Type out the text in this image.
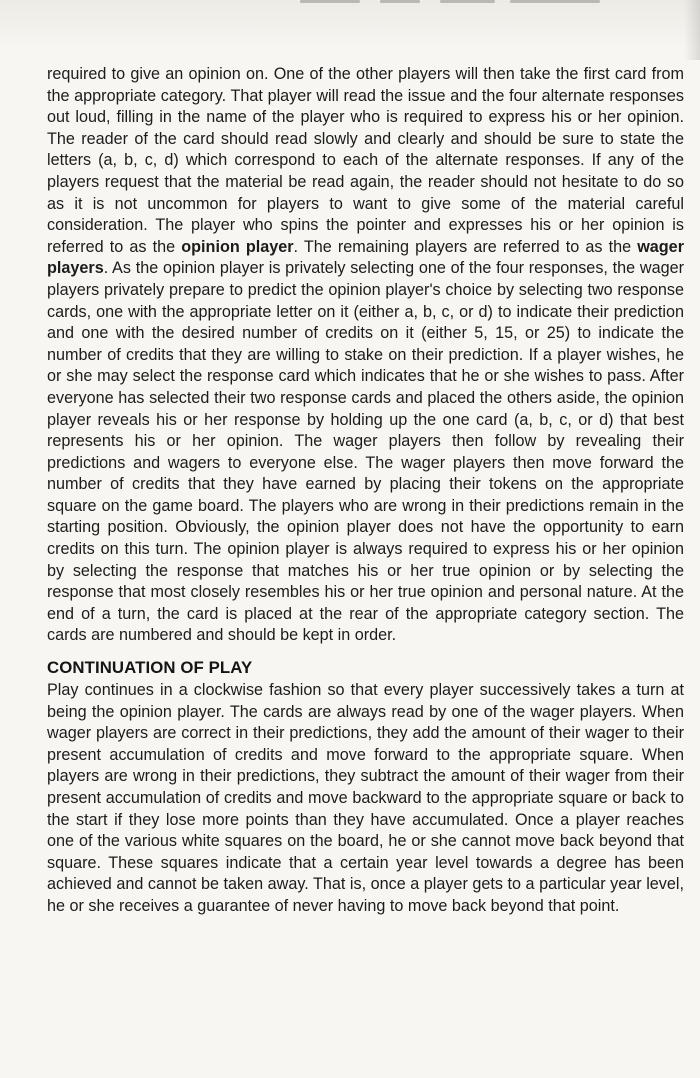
required to give an opinion on. One of the other players will then take the first card from the appropriate category. That player will read the issue and the four alternate responses out loud, filling in the name of the player who is required to express his or her opinion. The reader of the card should read slowly and clearly and should be sure to state the letters (a, b, c, d) which correspond to each of the alternate responses. If any of the players request that the material be read again, the reader should not hesitate to do so as it is not uncommon for players to want to give some of the material careful consideration. The player who spins the pointer and expresses his or her opinion is referred to as the opinion player. The remaining players are referred to as the wager players. As the opinion player is privately selecting one of the four responses, the wager players privately prepare to predict the opinion player's choice by selecting two response cards, one with the appropriate letter on it (either a, b, c, or d) to indicate their prediction and one with the desired number of credits on it (either 5, 15, or 25) to indicate the number of credits that they are willing to stake on their prediction. If a player wishes, he or she may select the response card which indicates that he or she wishes to pass. After everyone has selected their two response cards and placed the others aside, the opinion player reveals his or her response by holding up the one card (a, b, c, or d) that best represents his or her opinion. The wager players then follow by revealing their predictions and wagers to everyone else. The wager players then move forward the number of credits that they have earned by placing their tokens on the appropriate square on the game board. The players who are wrong in their predictions remain in the starting position. Obviously, the opinion player does not have the opportunity to earn credits on this turn. The opinion player is always required to express his or her opinion by selecting the response that matches his or her true opinion or by selecting the response that most closely resembles his or her true opinion and personal nature. At the end of a turn, the card is placed at the rear of the appropriate category section. The cards are numbered and should be kept in order.

CONTINUATION OF PLAY

Play continues in a clockwise fashion so that every player successively takes a turn at being the opinion player. The cards are always read by one of the wager players. When wager players are correct in their predictions, they add the amount of their wager to their present accumulation of credits and move forward to the appropriate square. When players are wrong in their predictions, they subtract the amount of their wager from their present accumulation of credits and move backward to the appropriate square or back to the start if they lose more points than they have accumulated. Once a player reaches one of the various white squares on the board, he or she cannot move back beyond that square. These squares indicate that a certain year level towards a degree has been achieved and cannot be taken away. That is, once a player gets to a particular year level, he or she receives a guarantee of never having to move back beyond that point.
